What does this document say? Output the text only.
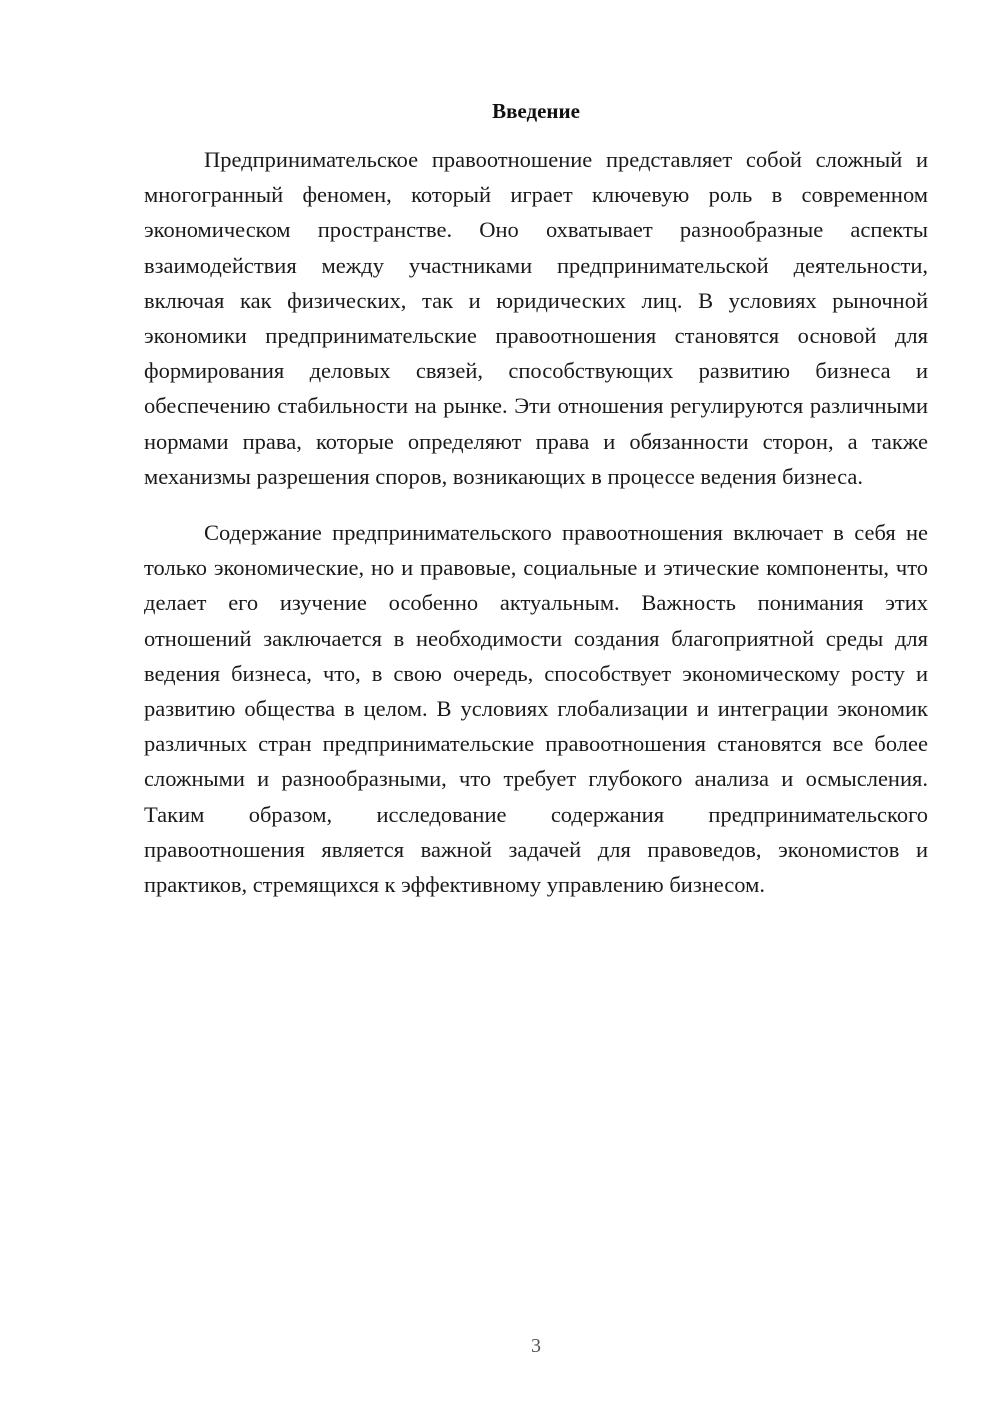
Введение

Предпринимательское правоотношение представляет собой сложный и многогранный феномен, который играет ключевую роль в современном экономическом пространстве. Оно охватывает разнообразные аспекты взаимодействия между участниками предпринимательской деятельности, включая как физических, так и юридических лиц. В условиях рыночной экономики предпринимательские правоотношения становятся основой для формирования деловых связей, способствующих развитию бизнеса и обеспечению стабильности на рынке. Эти отношения регулируются различными нормами права, которые определяют права и обязанности сторон, а также механизмы разрешения споров, возникающих в процессе ведения бизнеса.

Содержание предпринимательского правоотношения включает в себя не только экономические, но и правовые, социальные и этические компоненты, что делает его изучение особенно актуальным. Важность понимания этих отношений заключается в необходимости создания благоприятной среды для ведения бизнеса, что, в свою очередь, способствует экономическому росту и развитию общества в целом. В условиях глобализации и интеграции экономик различных стран предпринимательские правоотношения становятся все более сложными и разнообразными, что требует глубокого анализа и осмысления. Таким образом, исследование содержания предпринимательского правоотношения является важной задачей для правоведов, экономистов и практиков, стремящихся к эффективному управлению бизнесом.

3
